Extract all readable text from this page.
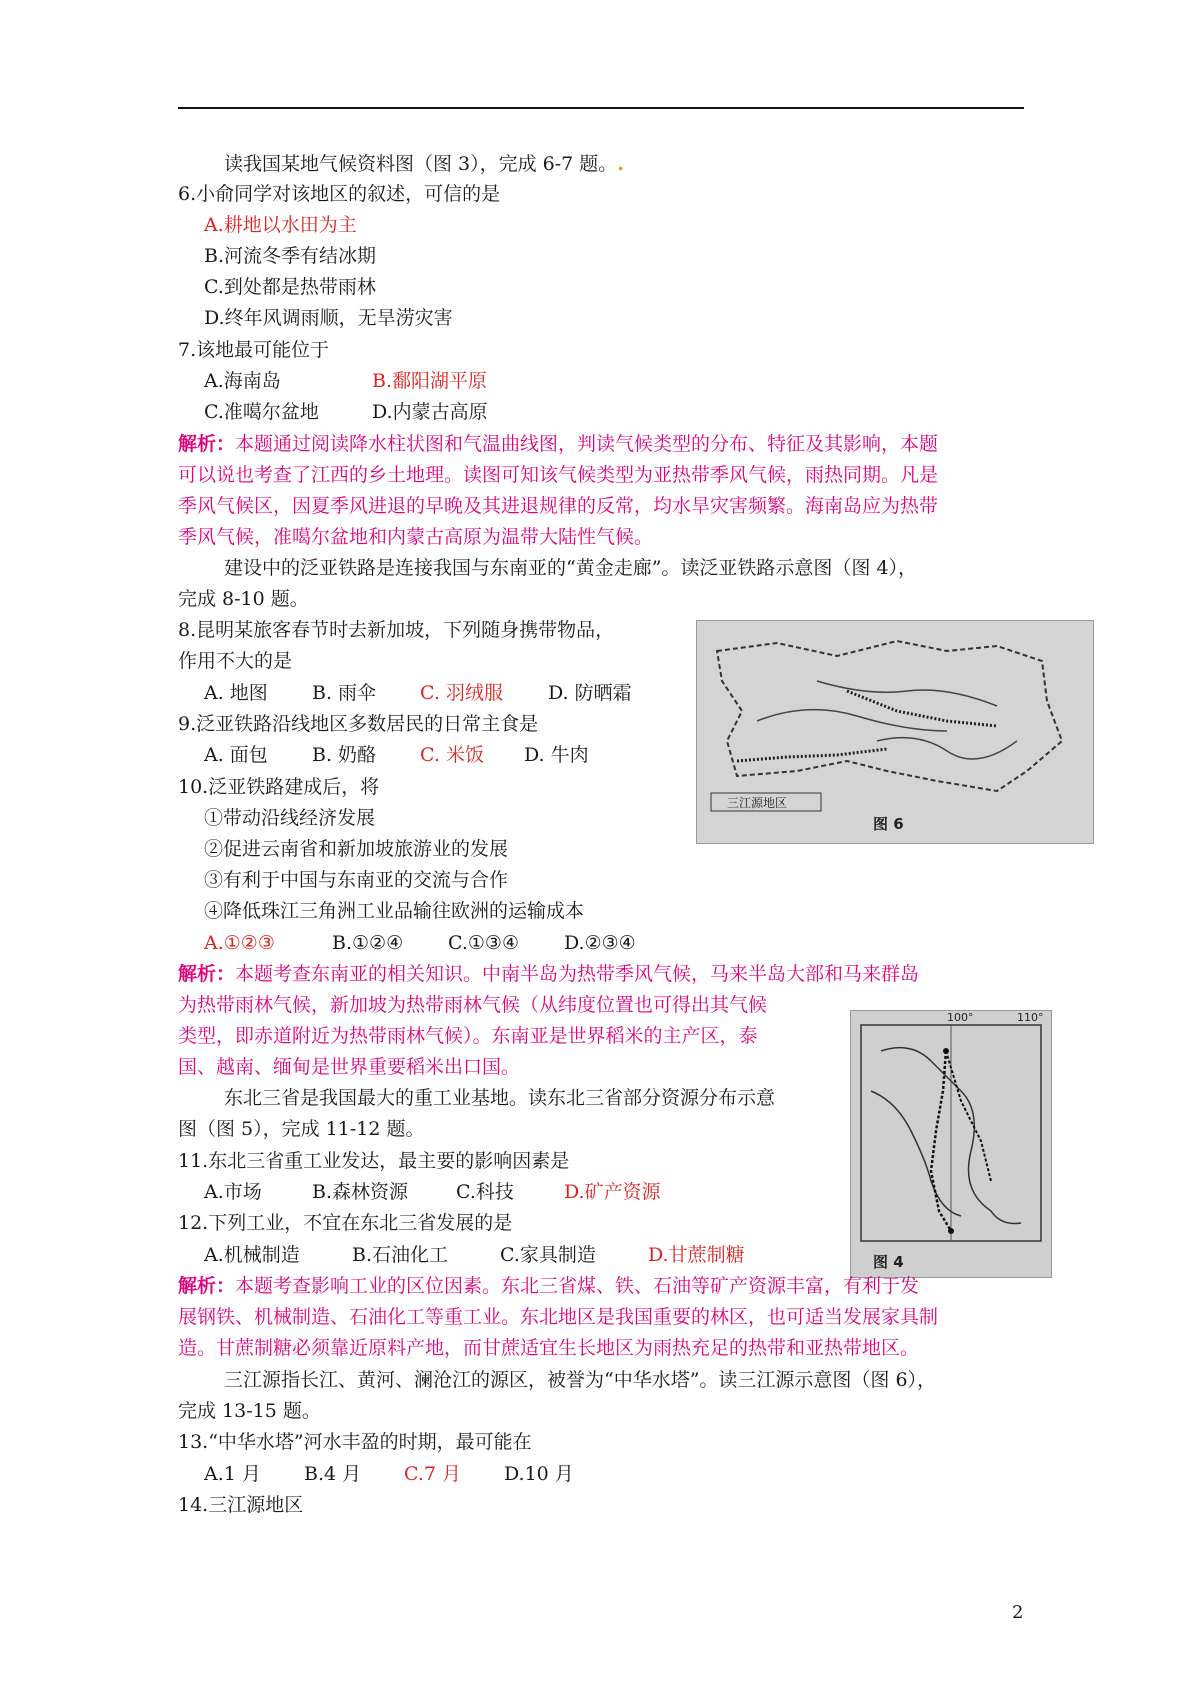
读我国某地气候资料图（图 3），完成 6-7 题。.
6.小俞同学对该地区的叙述，可信的是
A.耕地以水田为主
B.河流冬季有结冰期
C.到处都是热带雨林
D.终年风调雨顺，无旱涝灾害
7.该地最可能位于
A.海南岛	B.鄱阳湖平原
C.准噶尔盆地	D.内蒙古高原
解析：本题通过阅读降水柱状图和气温曲线图，判读气候类型的分布、特征及其影响，本题
可以说也考查了江西的乡土地理。读图可知该气候类型为亚热带季风气候，雨热同期。凡是
季风气候区，因夏季风进退的早晚及其进退规律的反常，均水旱灾害频繁。海南岛应为热带
季风气候，准噶尔盆地和内蒙古高原为温带大陆性气候。
建设中的泛亚铁路是连接我国与东南亚的“黄金走廊”。读泛亚铁路示意图（图 4），
完成 8-10 题。
8.昆明某旅客春节时去新加坡，下列随身携带物品，
作用不大的是
A. 地图 B. 雨伞 C. 羽绒服 D. 防晒霜
9.泛亚铁路沿线地区多数居民的日常主食是
A. 面包 B. 奶酪 C. 米饭 D. 牛肉
10.泛亚铁路建成后，将
①带动沿线经济发展
②促进云南省和新加坡旅游业的发展
③有利于中国与东南亚的交流与合作
④降低珠江三角洲工业品输往欧洲的运输成本
A.①②③	B.①②④ C.①③④ D.②③④
三江源地区
图 6
解析：本题考查东南亚的相关知识。中南半岛为热带季风气候，马来半岛大部和马来群岛
为热带雨林气候，新加坡为热带雨林气候（从纬度位置也可得出其气候
类型，即赤道附近为热带雨林气候）。东南亚是世界稻米的主产区，泰
国、越南、缅甸是世界重要稻米出口国。
东北三省是我国最大的重工业基地。读东北三省部分资源分布示意
图（图 5），完成 11-12 题。
11.东北三省重工业发达，最主要的影响因素是
A.市场	B.森林资源	C.科技	D.矿产资源
12.下列工业，不宜在东北三省发展的是
A.机械制造	B.石油化工	C.家具制造	D.甘蔗制糖
100°	110°
图 4
解析：本题考查影响工业的区位因素。东北三省煤、铁、石油等矿产资源丰富，有利于发
展钢铁、机械制造、石油化工等重工业。东北地区是我国重要的林区，也可适当发展家具制
造。甘蔗制糖必须靠近原料产地，而甘蔗适宜生长地区为雨热充足的热带和亚热带地区。
三江源指长江、黄河、澜沧江的源区，被誉为“中华水塔”。读三江源示意图（图 6），
完成 13-15 题。
13.“中华水塔”河水丰盈的时期，最可能在
A.1 月 B.4 月 C.7 月 D.10 月
14.三江源地区
2
